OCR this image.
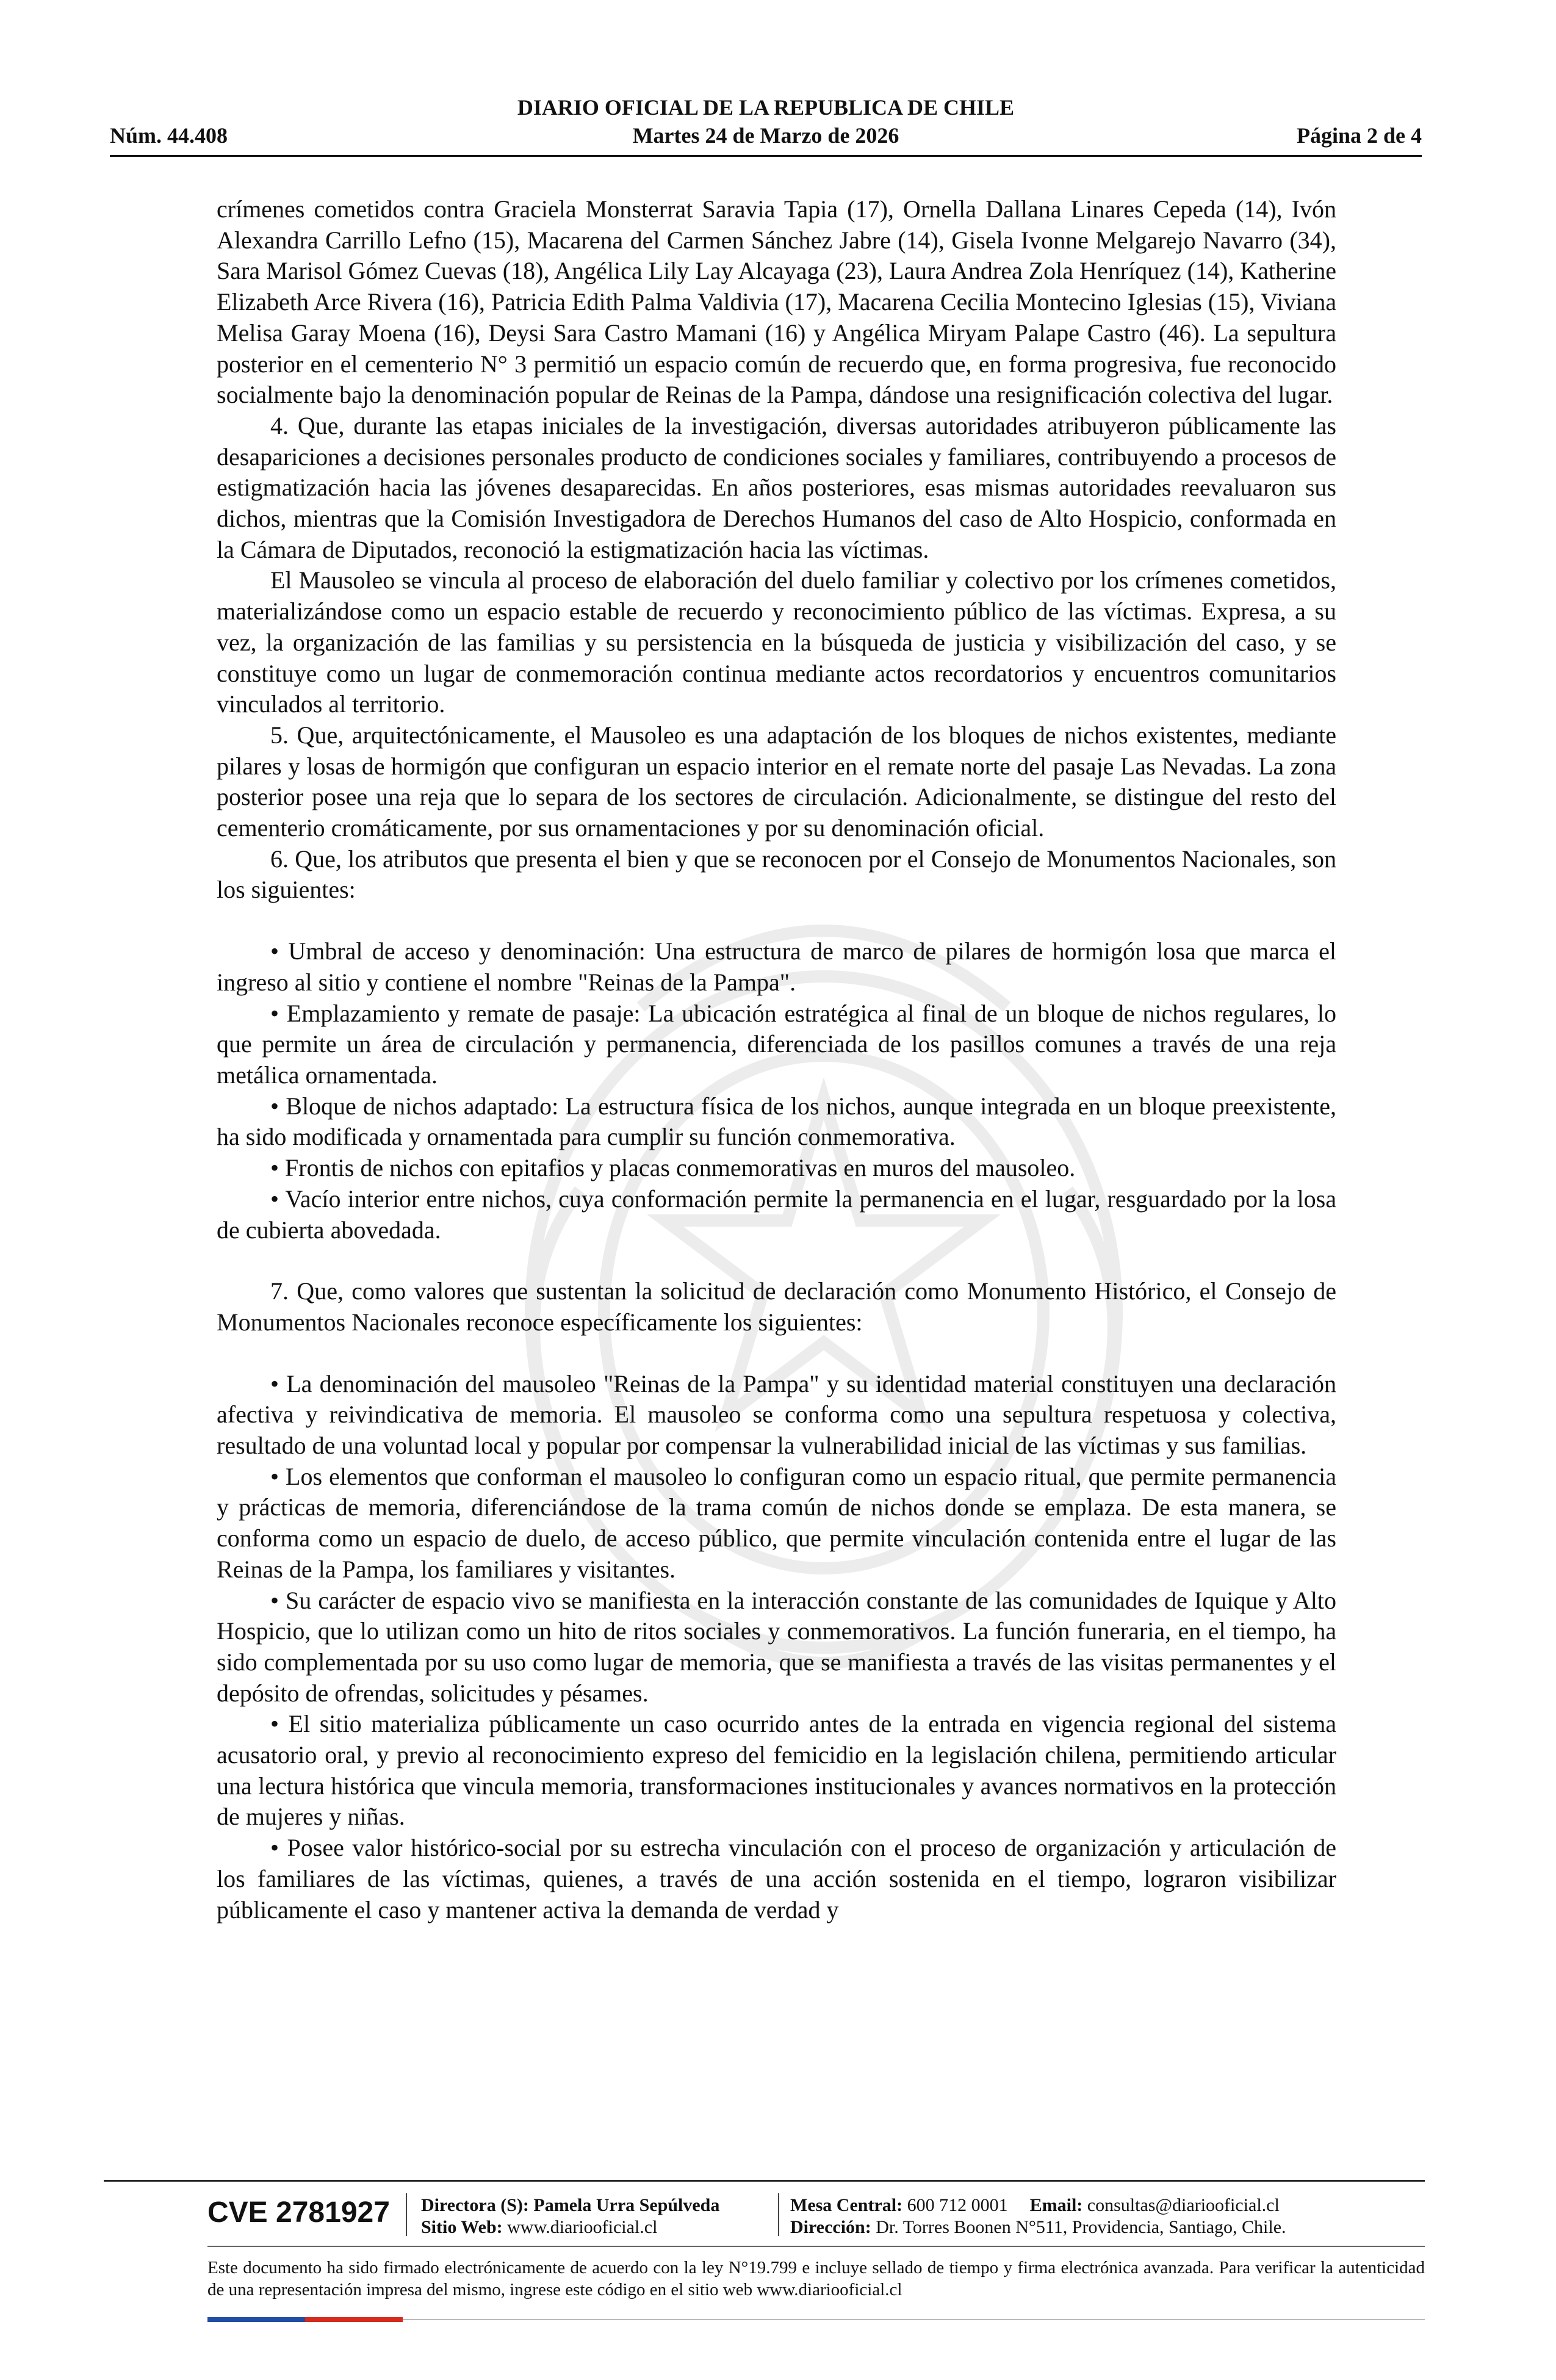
DIARIO OFICIAL DE LA REPUBLICA DE CHILE
Martes 24 de Marzo de 2026
Núm. 44.408	Página 2 de 4

crímenes cometidos contra Graciela Monsterrat Saravia Tapia (17), Ornella Dallana Linares Cepeda (14), Ivón Alexandra Carrillo Lefno (15), Macarena del Carmen Sánchez Jabre (14), Gisela Ivonne Melgarejo Navarro (34), Sara Marisol Gómez Cuevas (18), Angélica Lily Lay Alcayaga (23), Laura Andrea Zola Henríquez (14), Katherine Elizabeth Arce Rivera (16), Patricia Edith Palma Valdivia (17), Macarena Cecilia Montecino Iglesias (15), Viviana Melisa Garay Moena (16), Deysi Sara Castro Mamani (16) y Angélica Miryam Palape Castro (46). La sepultura posterior en el cementerio N° 3 permitió un espacio común de recuerdo que, en forma progresiva, fue reconocido socialmente bajo la denominación popular de Reinas de la Pampa, dándose una resignificación colectiva del lugar.

4. Que, durante las etapas iniciales de la investigación, diversas autoridades atribuyeron públicamente las desapariciones a decisiones personales producto de condiciones sociales y familiares, contribuyendo a procesos de estigmatización hacia las jóvenes desaparecidas. En años posteriores, esas mismas autoridades reevaluaron sus dichos, mientras que la Comisión Investigadora de Derechos Humanos del caso de Alto Hospicio, conformada en la Cámara de Diputados, reconoció la estigmatización hacia las víctimas.

El Mausoleo se vincula al proceso de elaboración del duelo familiar y colectivo por los crímenes cometidos, materializándose como un espacio estable de recuerdo y reconocimiento público de las víctimas. Expresa, a su vez, la organización de las familias y su persistencia en la búsqueda de justicia y visibilización del caso, y se constituye como un lugar de conmemoración continua mediante actos recordatorios y encuentros comunitarios vinculados al territorio.

5. Que, arquitectónicamente, el Mausoleo es una adaptación de los bloques de nichos existentes, mediante pilares y losas de hormigón que configuran un espacio interior en el remate norte del pasaje Las Nevadas. La zona posterior posee una reja que lo separa de los sectores de circulación. Adicionalmente, se distingue del resto del cementerio cromáticamente, por sus ornamentaciones y por su denominación oficial.

6. Que, los atributos que presenta el bien y que se reconocen por el Consejo de Monumentos Nacionales, son los siguientes:

• Umbral de acceso y denominación: Una estructura de marco de pilares de hormigón losa que marca el ingreso al sitio y contiene el nombre "Reinas de la Pampa".

• Emplazamiento y remate de pasaje: La ubicación estratégica al final de un bloque de nichos regulares, lo que permite un área de circulación y permanencia, diferenciada de los pasillos comunes a través de una reja metálica ornamentada.

• Bloque de nichos adaptado: La estructura física de los nichos, aunque integrada en un bloque preexistente, ha sido modificada y ornamentada para cumplir su función conmemorativa.

• Frontis de nichos con epitafios y placas conmemorativas en muros del mausoleo.

• Vacío interior entre nichos, cuya conformación permite la permanencia en el lugar, resguardado por la losa de cubierta abovedada.

7. Que, como valores que sustentan la solicitud de declaración como Monumento Histórico, el Consejo de Monumentos Nacionales reconoce específicamente los siguientes:

• La denominación del mausoleo "Reinas de la Pampa" y su identidad material constituyen una declaración afectiva y reivindicativa de memoria. El mausoleo se conforma como una sepultura respetuosa y colectiva, resultado de una voluntad local y popular por compensar la vulnerabilidad inicial de las víctimas y sus familias.

• Los elementos que conforman el mausoleo lo configuran como un espacio ritual, que permite permanencia y prácticas de memoria, diferenciándose de la trama común de nichos donde se emplaza. De esta manera, se conforma como un espacio de duelo, de acceso público, que permite vinculación contenida entre el lugar de las Reinas de la Pampa, los familiares y visitantes.

• Su carácter de espacio vivo se manifiesta en la interacción constante de las comunidades de Iquique y Alto Hospicio, que lo utilizan como un hito de ritos sociales y conmemorativos. La función funeraria, en el tiempo, ha sido complementada por su uso como lugar de memoria, que se manifiesta a través de las visitas permanentes y el depósito de ofrendas, solicitudes y pésames.

• El sitio materializa públicamente un caso ocurrido antes de la entrada en vigencia regional del sistema acusatorio oral, y previo al reconocimiento expreso del femicidio en la legislación chilena, permitiendo articular una lectura histórica que vincula memoria, transformaciones institucionales y avances normativos en la protección de mujeres y niñas.

• Posee valor histórico-social por su estrecha vinculación con el proceso de organización y articulación de los familiares de las víctimas, quienes, a través de una acción sostenida en el tiempo, lograron visibilizar públicamente el caso y mantener activa la demanda de verdad y

CVE 2781927 Directora (S): Pamela Urra Sepúlveda
Sitio Web: www.diariooficial.cl
Mesa Central: 600 712 0001 Email: consultas@diariooficial.cl
Dirección: Dr. Torres Boonen N°511, Providencia, Santiago, Chile.
Este documento ha sido firmado electrónicamente de acuerdo con la ley N°19.799 e incluye sellado de tiempo y firma electrónica avanzada. Para verificar la autenticidad de una representación impresa del mismo, ingrese este código en el sitio web www.diariooficial.cl
